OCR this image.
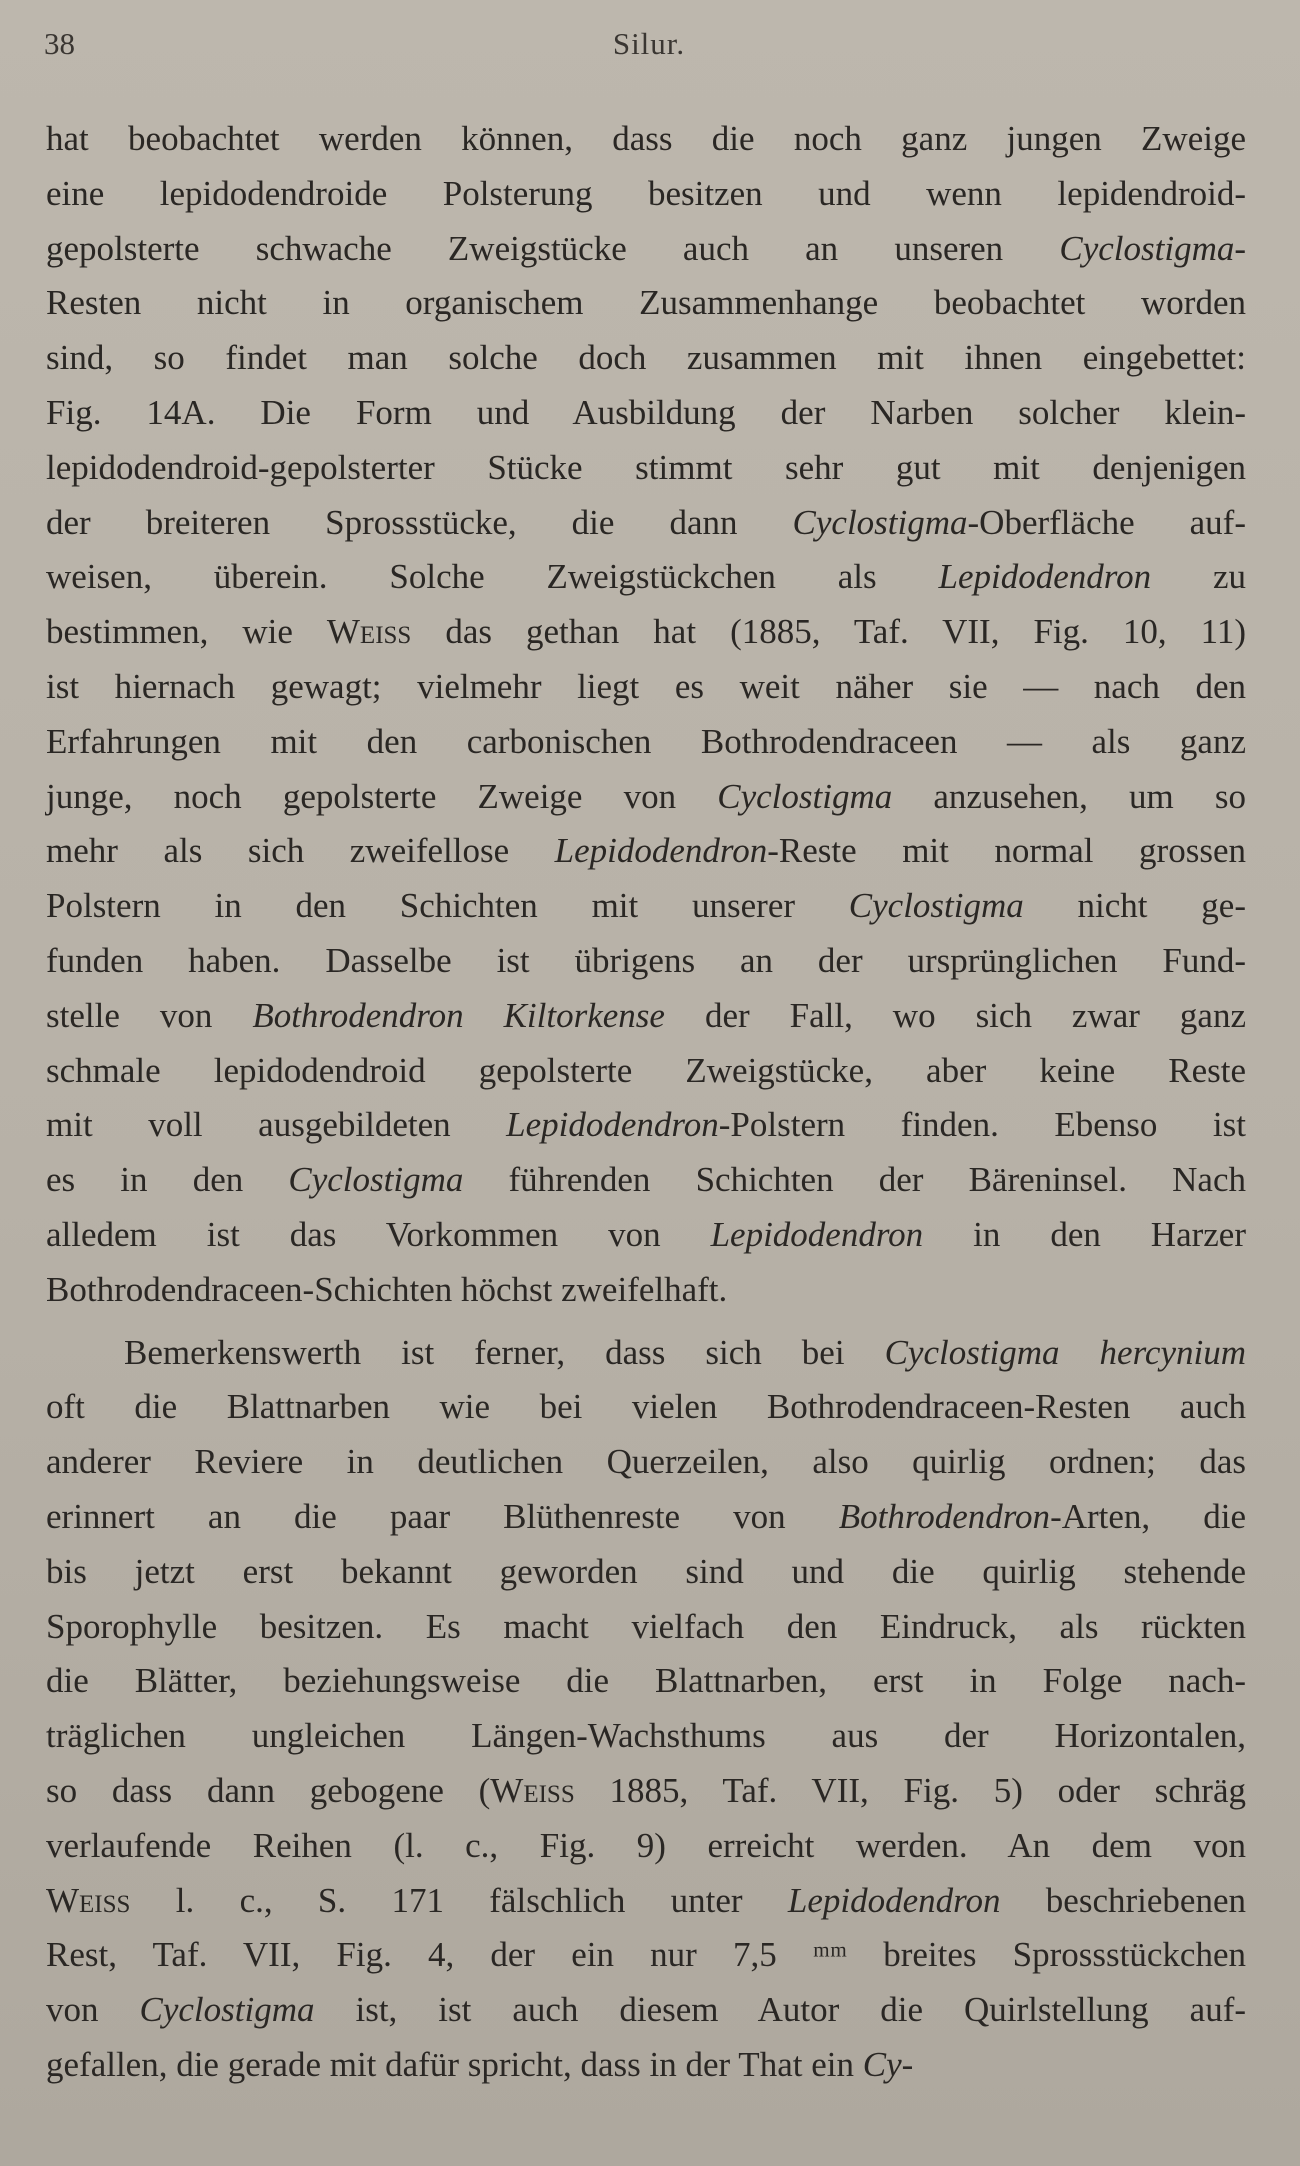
38	Silur.
hat beobachtet werden können, dass die noch ganz jungen Zweige
eine lepidodendroide Polsterung besitzen und wenn lepidendroid-
gepolsterte schwache Zweigstücke auch an unseren Cyclostigma-
Resten nicht in organischem Zusammenhange beobachtet worden
sind, so findet man solche doch zusammen mit ihnen eingebettet:
Fig. 14A. Die Form und Ausbildung der Narben solcher klein-
lepidodendroid-gepolsterter Stücke stimmt sehr gut mit denjenigen
der breiteren Sprossstücke, die dann Cyclostigma-Oberfläche auf-
weisen, überein. Solche Zweigstückchen als Lepidodendron zu
bestimmen, wie Weiss das gethan hat (1885, Taf. VII, Fig. 10, 11)
ist hiernach gewagt; vielmehr liegt es weit näher sie — nach den
Erfahrungen mit den carbonischen Bothrodendraceen — als ganz
junge, noch gepolsterte Zweige von Cyclostigma anzusehen, um so
mehr als sich zweifellose Lepidodendron-Reste mit normal grossen
Polstern in den Schichten mit unserer Cyclostigma nicht ge-
funden haben. Dasselbe ist übrigens an der ursprünglichen Fund-
stelle von Bothrodendron Kiltorkense der Fall, wo sich zwar ganz
schmale lepidodendroid gepolsterte Zweigstücke, aber keine Reste
mit voll ausgebildeten Lepidodendron-Polstern finden. Ebenso ist
es in den Cyclostigma führenden Schichten der Bäreninsel. Nach
alledem ist das Vorkommen von Lepidodendron in den Harzer
Bothrodendraceen-Schichten höchst zweifelhaft.
Bemerkenswerth ist ferner, dass sich bei Cyclostigma hercynium
oft die Blattnarben wie bei vielen Bothrodendraceen-Resten auch
anderer Reviere in deutlichen Querzeilen, also quirlig ordnen; das
erinnert an die paar Blüthenreste von Bothrodendron-Arten, die
bis jetzt erst bekannt geworden sind und die quirlig stehende
Sporophylle besitzen. Es macht vielfach den Eindruck, als rückten
die Blätter, beziehungsweise die Blattnarben, erst in Folge nach-
träglichen ungleichen Längen-Wachsthums aus der Horizontalen,
so dass dann gebogene (Weiss 1885, Taf. VII, Fig. 5) oder schräg
verlaufende Reihen (l. c., Fig. 9) erreicht werden. An dem von
Weiss l. c., S. 171 fälschlich unter Lepidodendron beschriebenen
Rest, Taf. VII, Fig. 4, der ein nur 7,5 ᵐᵐ breites Sprossstückchen
von Cyclostigma ist, ist auch diesem Autor die Quirlstellung auf-
gefallen, die gerade mit dafür spricht, dass in der That ein Cy-
